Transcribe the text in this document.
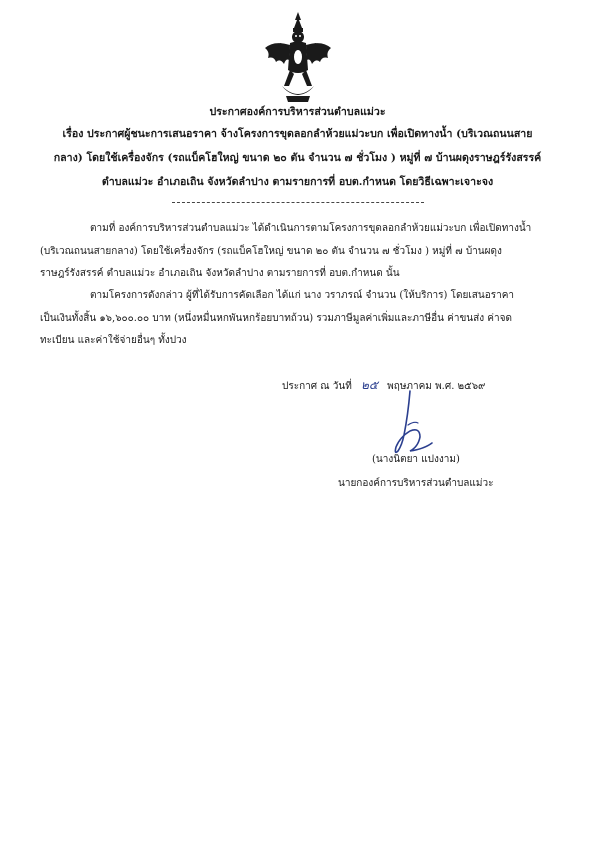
ประกาศองค์การบริหารส่วนตำบลแม่วะ
เรื่อง ประกาศผู้ชนะการเสนอราคา จ้างโครงการขุดลอกลำห้วยแม่วะบก เพื่อเปิดทางน้ำ (บริเวณถนนสาย
กลาง) โดยใช้เครื่องจักร (รถแบ็คโฮใหญ่ ขนาด ๒๐ ตัน จำนวน ๗ ชั่วโมง ) หมู่ที่ ๗ บ้านผดุงราษฎร์รังสรรค์
ตำบลแม่วะ อำเภอเถิน จังหวัดลำปาง ตามรายการที่ อบต.กำหนด โดยวิธีเฉพาะเจาะจง
ตามที่ องค์การบริหารส่วนตำบลแม่วะ ได้ดำเนินการตามโครงการขุดลอกลำห้วยแม่วะบก เพื่อเปิดทางน้ำ
(บริเวณถนนสายกลาง) โดยใช้เครื่องจักร (รถแบ็คโฮใหญ่ ขนาด ๒๐ ตัน จำนวน ๗ ชั่วโมง ) หมู่ที่ ๗ บ้านผดุง
ราษฎร์รังสรรค์ ตำบลแม่วะ อำเภอเถิน จังหวัดลำปาง ตามรายการที่ อบต.กำหนด นั้น
ตามโครงการดังกล่าว ผู้ที่ได้รับการคัดเลือก ได้แก่ นาง วราภรณ์ จำนวน (ให้บริการ) โดยเสนอราคา
เป็นเงินทั้งสิ้น ๑๖,๖๐๐.๐๐ บาท (หนึ่งหมื่นหกพันหกร้อยบาทถ้วน) รวมภาษีมูลค่าเพิ่มและภาษีอื่น ค่าขนส่ง ค่าจด
ทะเบียน และค่าใช้จ่ายอื่นๆ ทั้งปวง
ประกาศ ณ วันที่ ๒๕ พฤษภาคม พ.ศ. ๒๕๖๙
(นางนิตยา แปงงาม)
นายกองค์การบริหารส่วนตำบลแม่วะ
